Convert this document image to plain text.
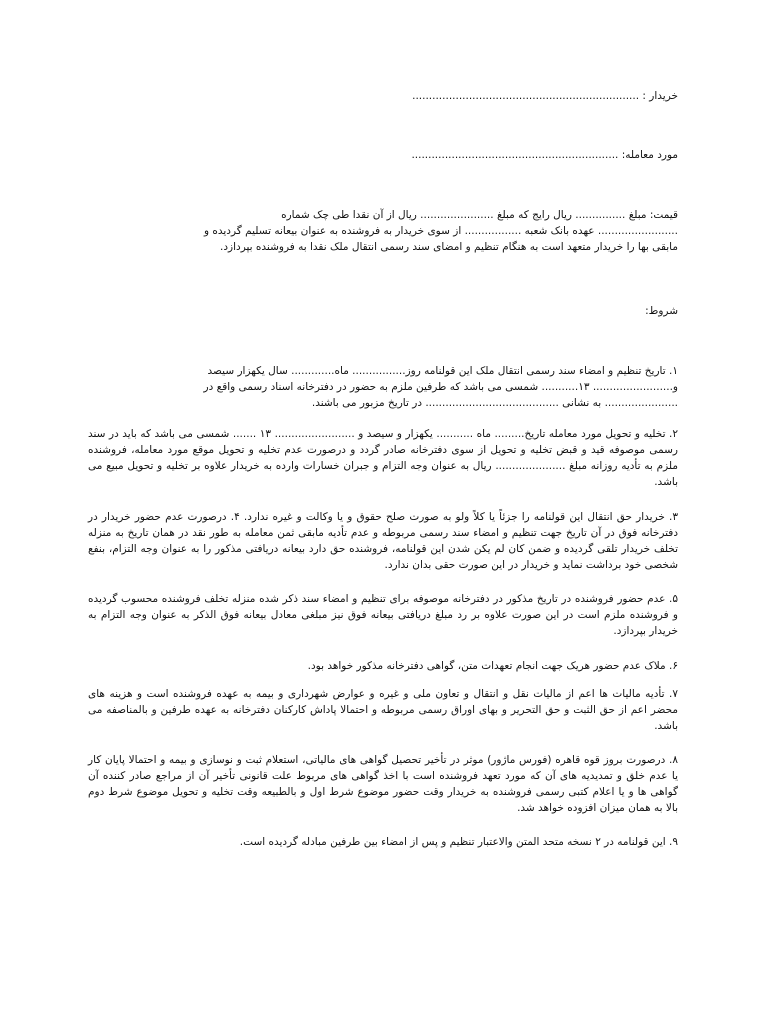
خریدار : ....................................................................
مورد معامله: ..............................................................

قیمت: مبلغ ............... ریال رایج که مبلغ ...................... ریال از آن نقدا طی چک شماره

........................ عهده بانک شعبه ................. از سوی خریدار به فروشنده به عنوان بیعانه تسلیم گردیده و

مابقی بها را خریدار متعهد است به هنگام تنظیم و امضای سند رسمی انتقال ملک نقدا به فروشنده بپردازد.

شروط:

۱. تاریخ تنظیم و امضاء سند رسمی انتقال ملک این قولنامه روز................ ماه............. سال یکهزار سیصد

و........................ ۱۳........... شمسی می باشد که طرفین ملزم به حضور در دفترخانه اسناد رسمی واقع در

...................... به نشانی ........................................ در تاریخ مزبور می باشند.

۲. تخلیه و تحویل مورد معامله تاریخ......... ماه ........... یکهزار و سیصد و ........................ ۱۳ ....... شمسی می باشد که باید در سند رسمی موصوفه قید و قبض تخلیه و تحویل از سوی دفترخانه صادر گردد و درصورت عدم تخلیه و تحویل موقع مورد معامله، فروشنده ملزم به تأدیه روزانه مبلغ ..................... ریال به عنوان وجه التزام و جبران خسارات وارده به خریدار علاوه بر تخلیه و تحویل مبیع می باشد.
۳. خریدار حق انتقال این قولنامه را جزئاً یا کلاً ولو به صورت صلح حقوق و یا وکالت و غیره ندارد. ۴. درصورت عدم حضور خریدار در دفترخانه فوق در آن تاریخ جهت تنظیم و امضاء سند رسمی مربوطه و عدم تأدیه مابقی ثمن معامله به طور نقد در همان تاریخ به منزله تخلف خریدار تلقی گردیده و ضمن کان لم یکن شدن این قولنامه، فروشنده حق دارد بیعانه دریافتی مذکور را به عنوان وجه التزام، بنفع شخصی خود برداشت نماید و خریدار در این صورت حقی بدان ندارد.
۵. عدم حضور فروشنده در تاریخ مذکور در دفترخانه موصوفه برای تنظیم و امضاء سند ذکر شده منزله تخلف فروشنده محسوب گردیده و فروشنده ملزم است در این صورت علاوه بر رد مبلغ دریافتی بیعانه فوق نیز مبلغی معادل بیعانه فوق الذکر به عنوان وجه التزام به خریدار بپردازد.
۶. ملاک عدم حضور هریک جهت انجام تعهدات متن، گواهی دفترخانه مذکور خواهد بود.
۷. تأدیه مالیات ها اعم از مالیات نقل و انتقال و تعاون ملی و غیره و عوارض شهرداری و بیمه به عهده فروشنده است و هزینه های محضر اعم از حق الثبت و حق التحریر و بهای اوراق رسمی مربوطه و احتمالا پاداش کارکنان دفترخانه به عهده طرفین و بالمناصفه می باشد.
۸. درصورت بروز قوه قاهره (فورس ماژور) موثر در تأخیر تحصیل گواهی های مالیاتی، استعلام ثبت و نوسازی و بیمه و احتمالا پایان کار یا عدم خلق و تمدیدیه های آن که مورد تعهد فروشنده است با اخذ گواهی های مربوط علت قانونی تأخیر آن از مراجع صادر کننده آن گواهی ها و یا اعلام کتبی رسمی فروشنده به خریدار وقت حضور موضوع شرط اول و بالطبیعه وقت تخلیه و تحویل موضوع شرط دوم بالا به همان میزان افزوده خواهد شد.
۹. این قولنامه در ۲ نسخه متحد المتن والاعتبار تنظیم و پس از امضاء بین طرفین مبادله گردیده است.
